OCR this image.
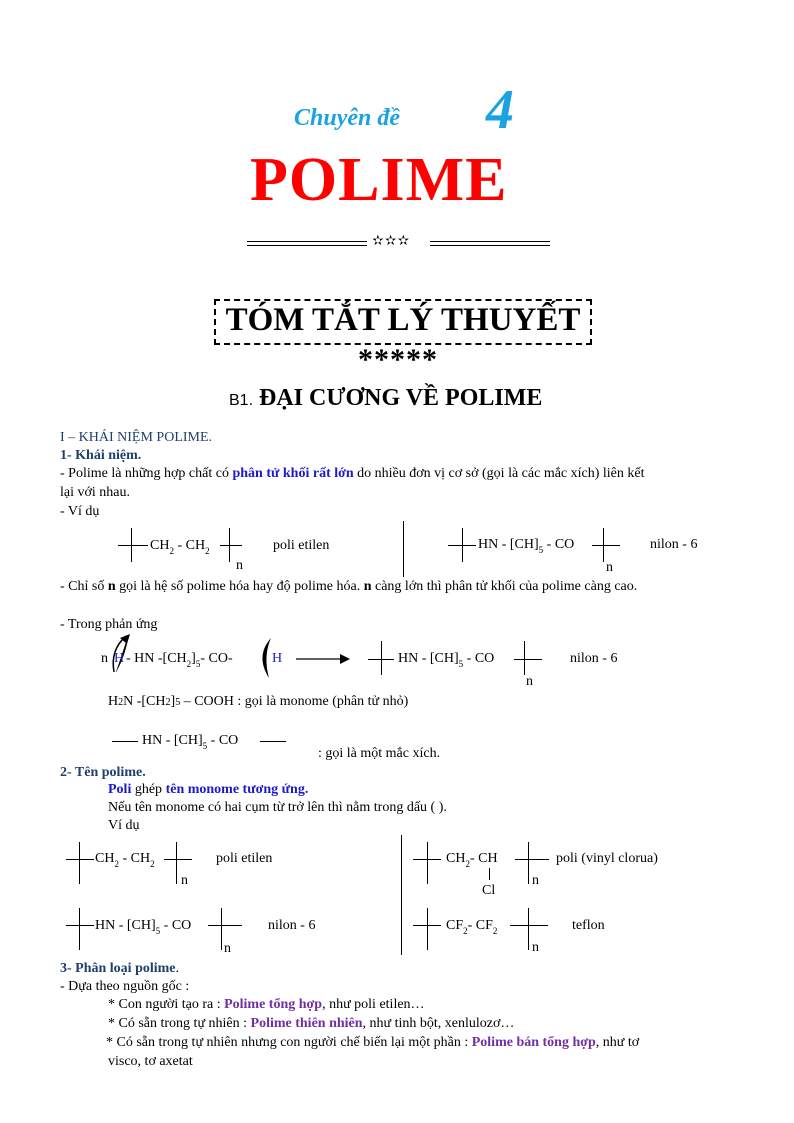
Chuyên đề 4
POLIME
✫✫✫
TÓM TẮT LÝ THUYẾT
*****
B1. ĐẠI CƯƠNG VỀ POLIME
I – KHÁI NIỆM POLIME.
1- Khái niệm.
- Polime là những hợp chất có phân tử khối rất lớn do nhiều đơn vị cơ sở (gọi là các mắc xích) liên kết
lại với nhau.
- Ví dụ
$CH_2 - CH_2$
n
poli etilen	HN - $[CH]_5$ - CO
n
nilon - 6
- Chỉ số n gọi là hệ số polime hóa hay độ polime hóa. n càng lớn thì phân tử khối của polime càng cao.
- Trong phản ứng
n H - HN $-[CH_2]_5-$ CO-	H →	HN - $[CH]_5$ - CO
n
nilon - 6
H2N -[CH2]5 – COOH : gọi là monome (phân tử nhỏ)
HN - $[CH]_5$ - CO
: gọi là một mắc xích.
2- Tên polime.
Poli ghép tên monome tương ứng.
Nếu tên monome có hai cụm từ trở lên thì nằm trong dấu ( ).
Ví dụ
$CH_2 - CH_2$
n
poli etilen	$CH_2-$ CH
Cl
n
poli (vinyl clorua)
HN - $[CH]_5$ - CO
n
nilon - 6	$CF_2-$ $CF_2$
n
teflon
3- Phân loại polime.
- Dựa theo nguồn gốc :
* Con người tạo ra : Polime tổng hợp, như poli etilen…
* Có sẵn trong tự nhiên : Polime thiên nhiên, như tinh bột, xenlulozơ…
* Có sẵn trong tự nhiên nhưng con người chế biến lại một phần : Polime bán tổng hợp, như tơ
visco, tơ axetat
